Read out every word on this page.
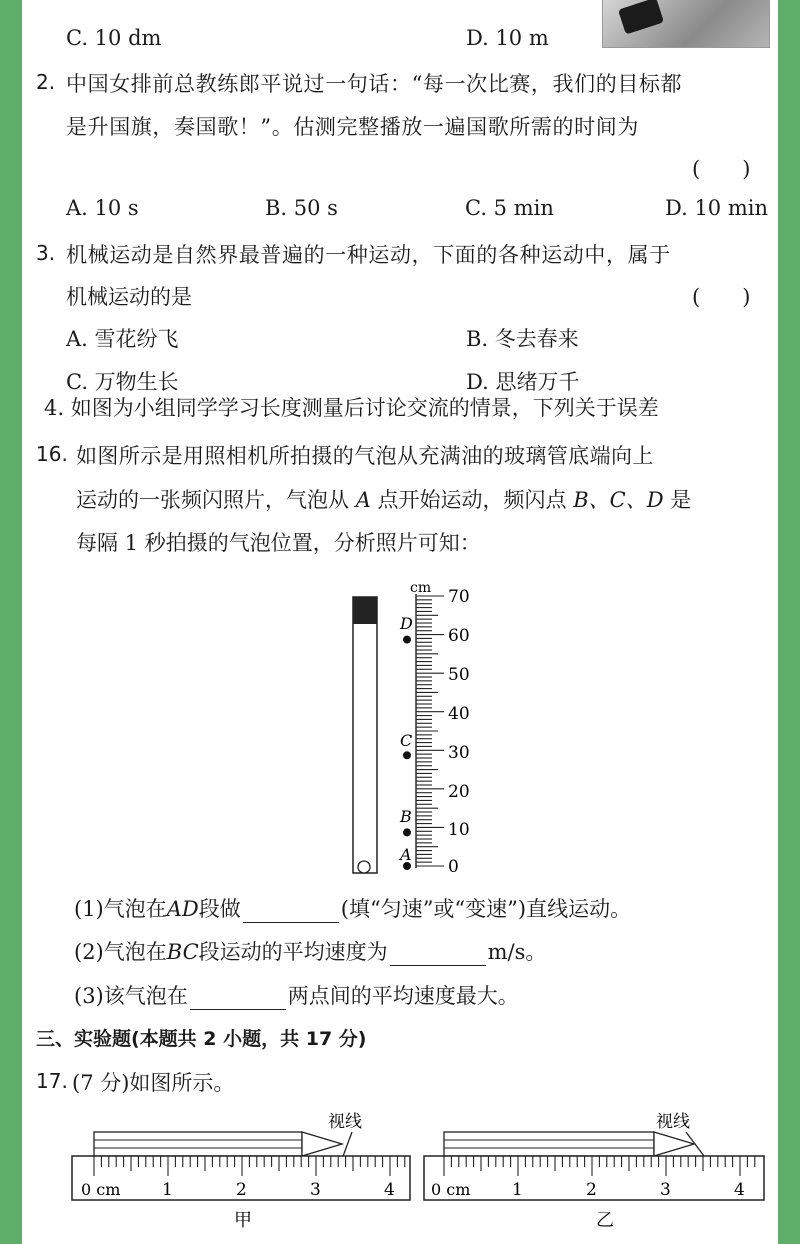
C. 10 dm	D. 10 m
2. 中国女排前总教练郎平说过一句话：“每一次比赛，我们的目标都
是升国旗，奏国歌！”。估测完整播放一遍国歌所需的时间为
(　　)
A. 10 s	B. 50 s	C. 5 min	D. 10 min
3. 机械运动是自然界最普遍的一种运动，下面的各种运动中，属于
机械运动的是	(　　)
A. 雪花纷飞	B. 冬去春来
C. 万物生长	D. 思绪万千
4. 如图为小组同学学习长度测量后讨论交流的情景，下列关于误差
16. 如图所示是用照相机所拍摄的气泡从充满油的玻璃管底端向上
运动的一张频闪照片，气泡从 A 点开始运动，频闪点 B、C、D 是
每隔 1 秒拍摄的气泡位置，分析照片可知：
cm 70
60
50
40
30
20
10
0
D
C
B
A
(1)气泡在AD段做	(填“匀速”或“变速”)直线运动。
(2)气泡在BC段运动的平均速度为	m/s。
(3)该气泡在	两点间的平均速度最大。
三、实验题(本题共 2 小题，共 17 分)
17. (7 分)如图所示。
视线
0 cm 1	2	3	4
甲
视线
0 cm 1	2	3	4
乙
